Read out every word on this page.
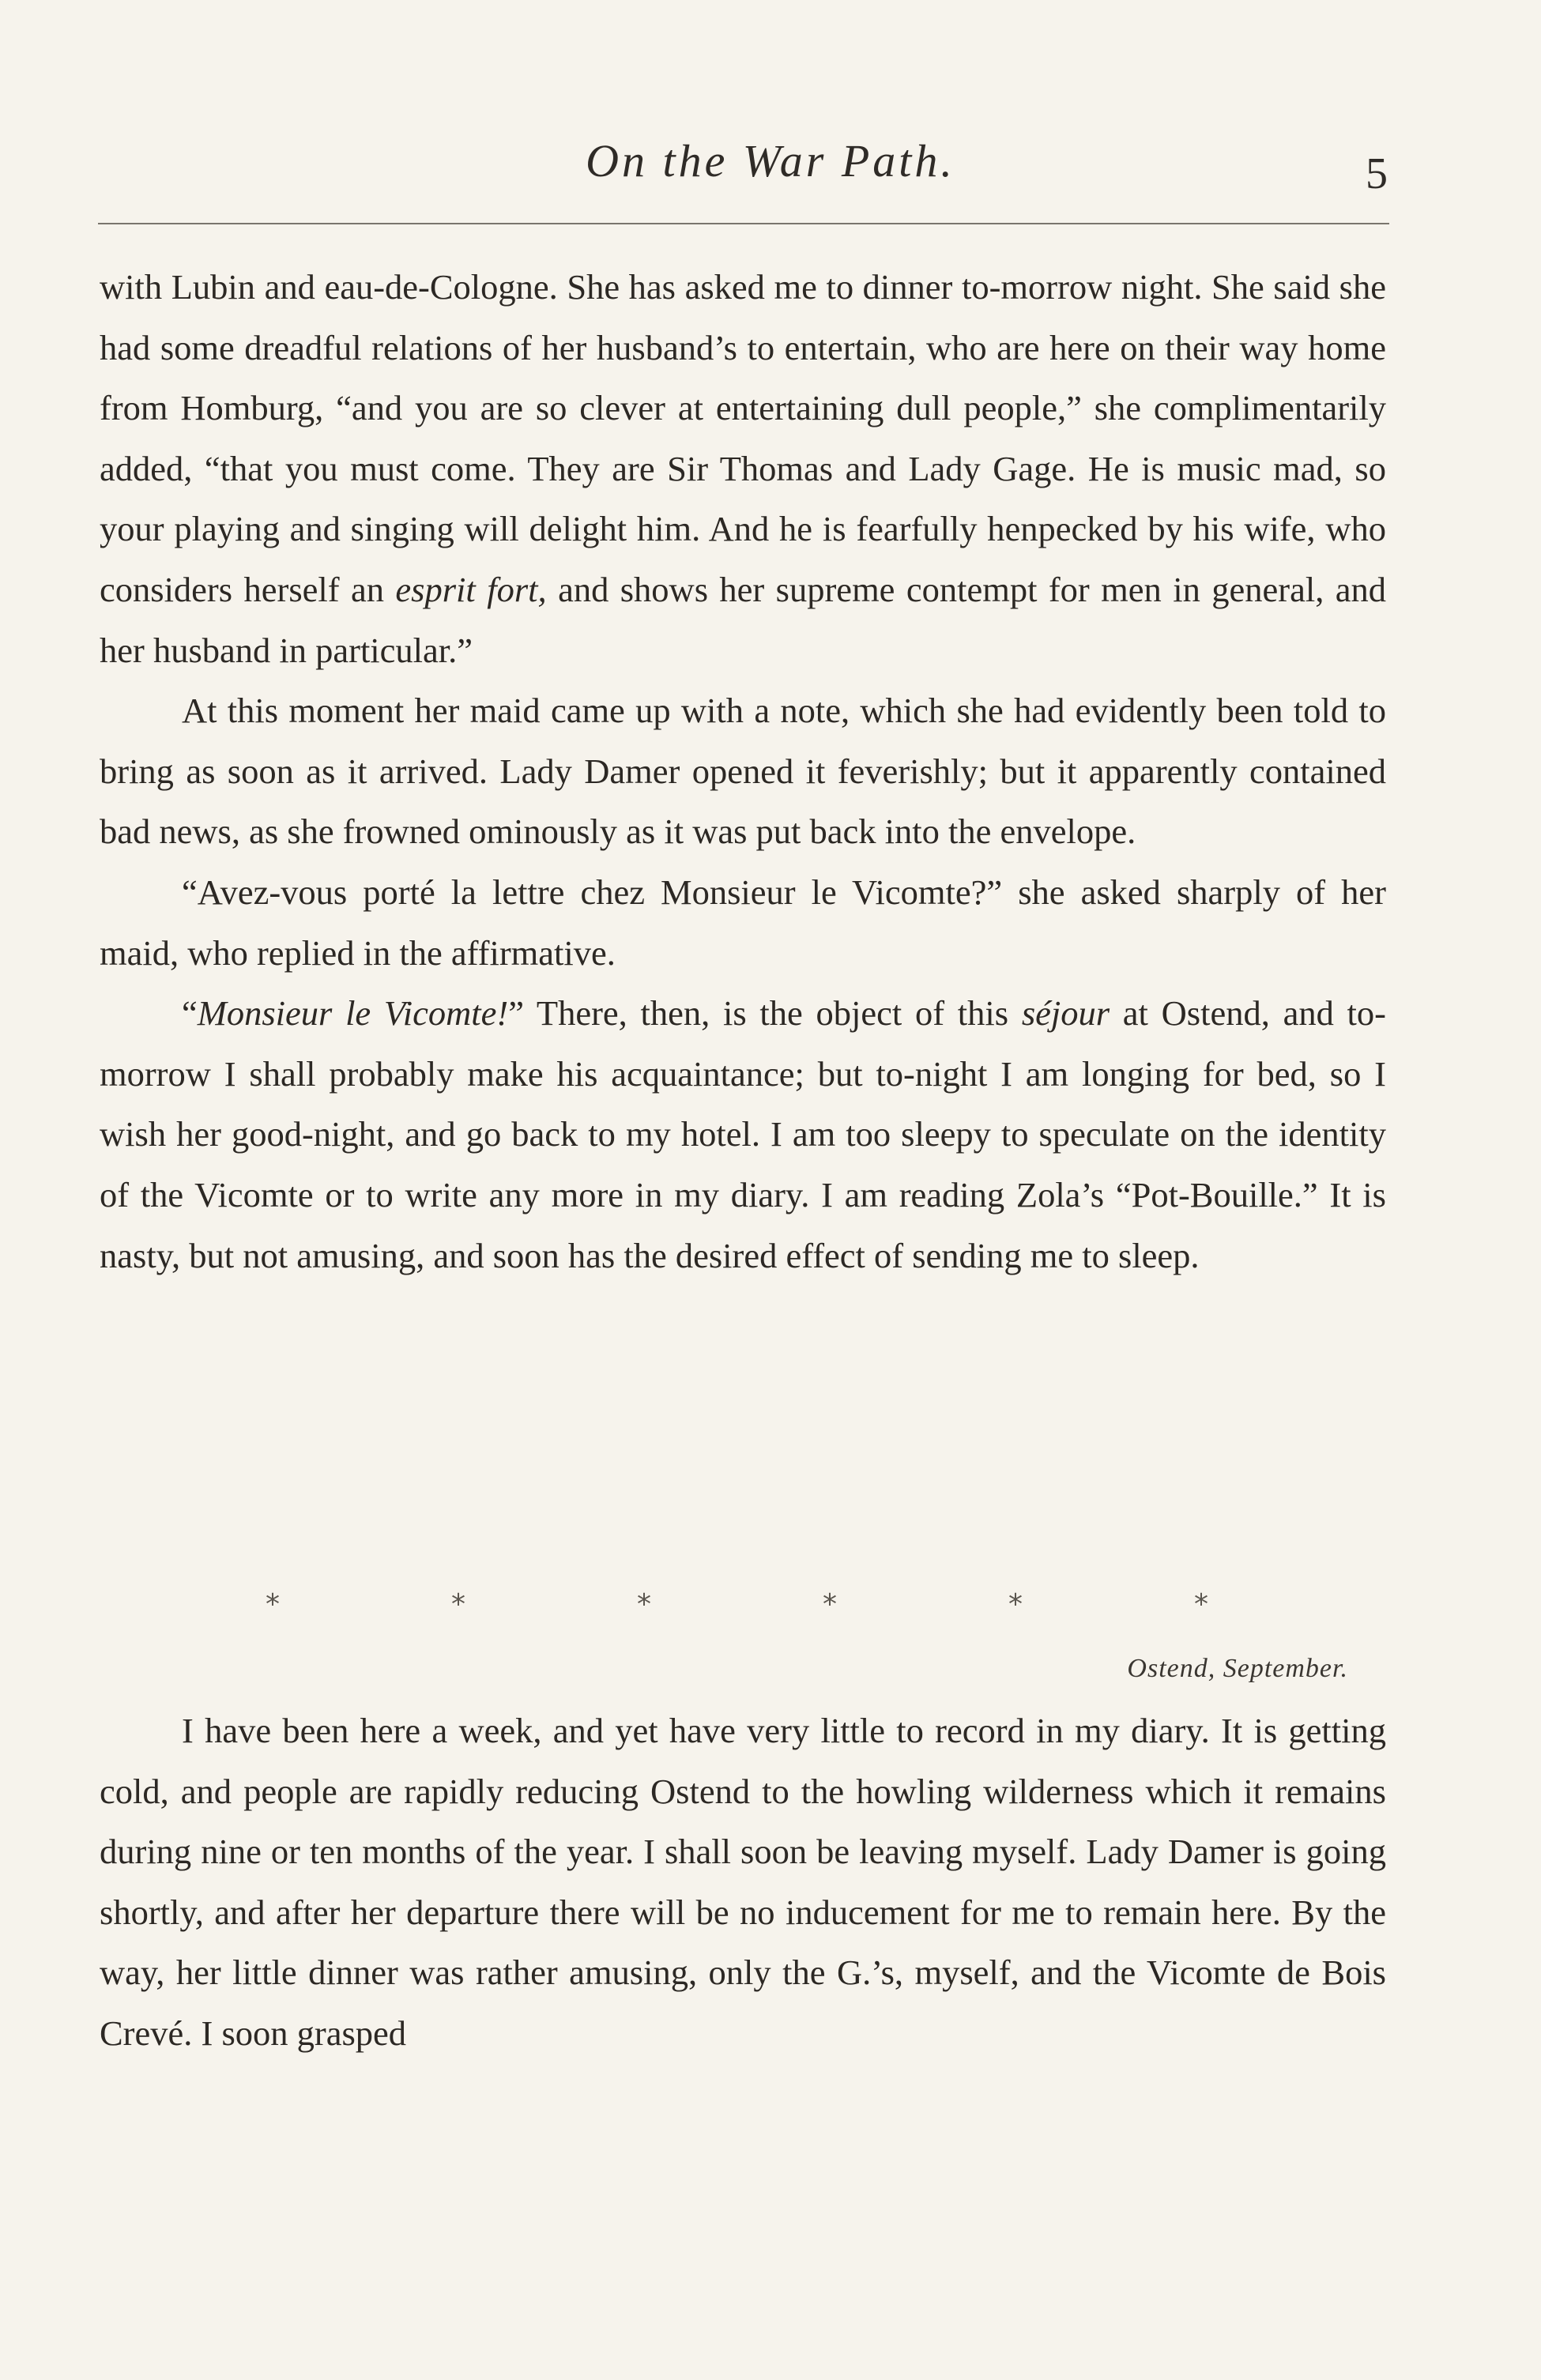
On the War Path.	5

with Lubin and eau-de-Cologne. She has asked me to dinner to-morrow night. She said she had some dreadful relations of her husband’s to entertain, who are here on their way home from Homburg, “and you are so clever at entertaining dull people,” she complimentarily added, “that you must come. They are Sir Thomas and Lady Gage. He is music mad, so your playing and singing will delight him. And he is fearfully henpecked by his wife, who considers herself an esprit fort, and shows her supreme contempt for men in general, and her husband in particular.”

At this moment her maid came up with a note, which she had evidently been told to bring as soon as it arrived. Lady Damer opened it feverishly; but it apparently contained bad news, as she frowned ominously as it was put back into the envelope.

“Avez-vous porté la lettre chez Monsieur le Vicomte?” she asked sharply of her maid, who replied in the affirmative.

“Monsieur le Vicomte!” There, then, is the object of this séjour at Ostend, and to-morrow I shall probably make his acquaintance; but to-night I am longing for bed, so I wish her good-night, and go back to my hotel. I am too sleepy to speculate on the identity of the Vicomte or to write any more in my diary. I am reading Zola’s “Pot-Bouille.” It is nasty, but not amusing, and soon has the desired effect of sending me to sleep.

*	*	*	*	*	*
Ostend, September.

I have been here a week, and yet have very little to record in my diary. It is getting cold, and people are rapidly reducing Ostend to the howling wilderness which it remains during nine or ten months of the year. I shall soon be leaving myself. Lady Damer is going shortly, and after her departure there will be no inducement for me to remain here. By the way, her little dinner was rather amusing, only the G.’s, myself, and the Vicomte de Bois Crevé. I soon grasped
